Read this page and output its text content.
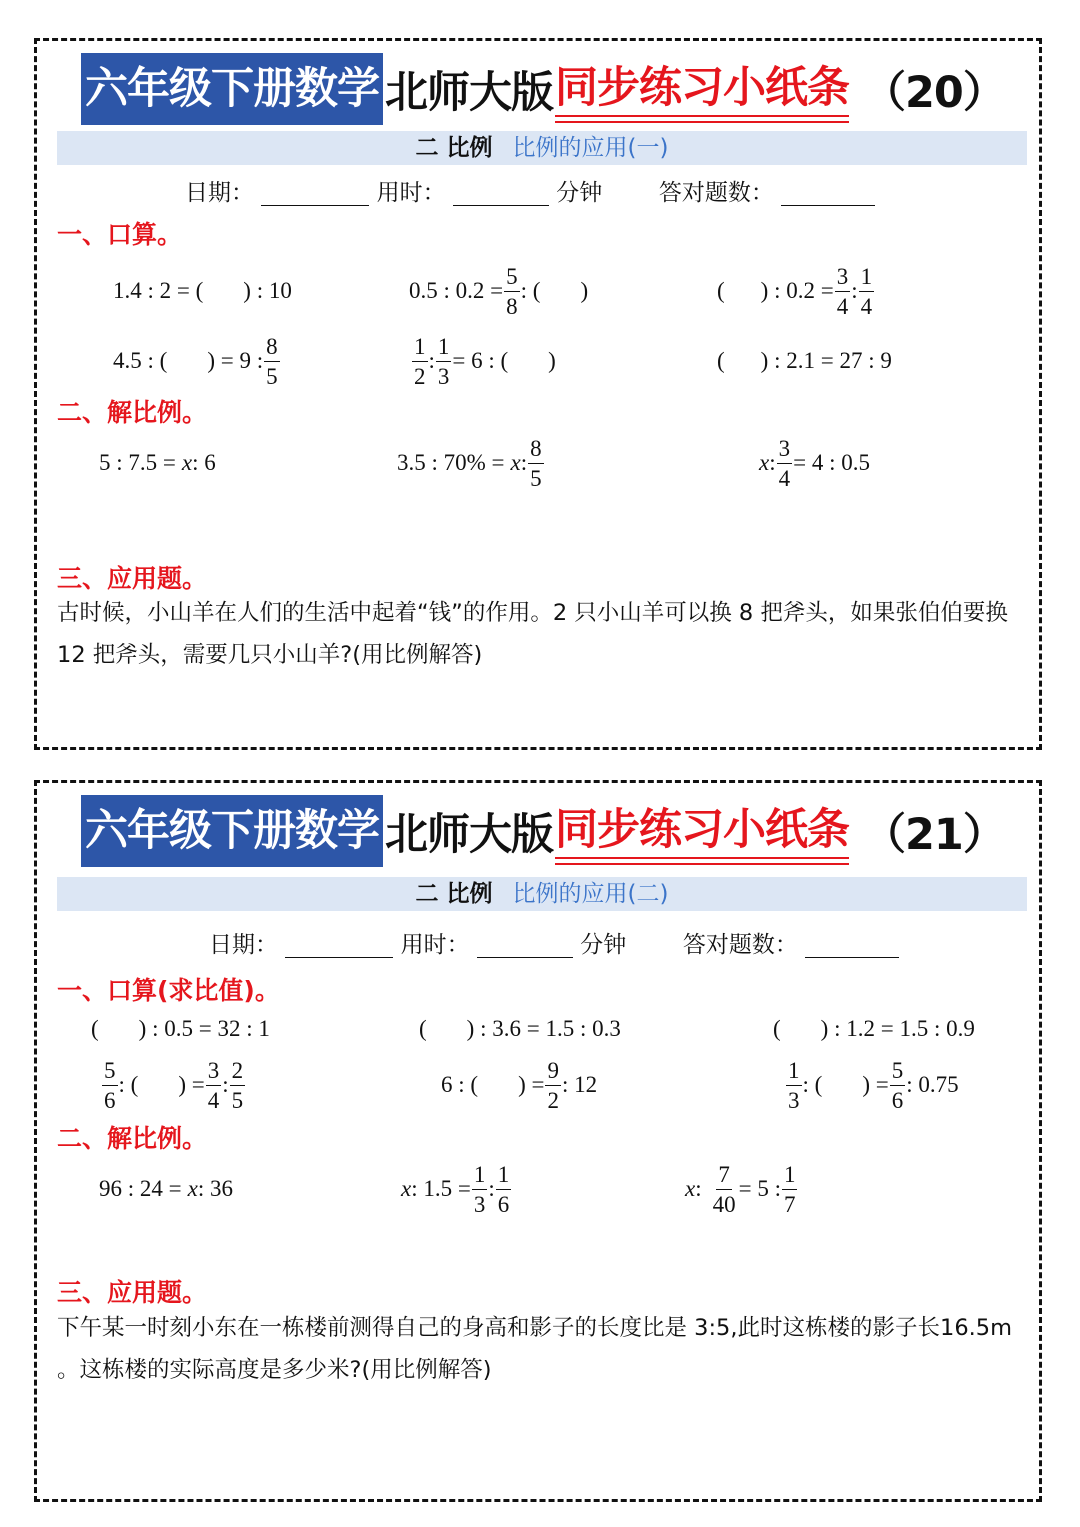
六年级下册数学 北师大版 同步练习小纸条 （20）
二 比例 比例的应用(一)
日期：	用时：	分钟 答对题数：
一、口算。
1.4 : 2 = ( ) : 10	0.5 : $0.2 = \frac{5}{8}$ : ( )	( ) : $0.2 = \frac{3}{4}$ : $\frac{1}{4}$
4.5 : ( ) = 9 : $\frac{8}{5}$	$\frac{1}{2}$ : $\frac{1}{3} = 6$ : ( )	( ) : 2.1 = 27 : 9
二、解比例。
5 : 7.5 = x : 6	3.5 : 70% = x : $\frac{8}{5}$	x : $\frac{3}{4} = 4$ : 0.5
三、应用题。
古时候，小山羊在人们的生活中起着“钱”的作用。2 只小山羊可以换 8 把斧头，如果张伯伯要换 12 把斧头，需要几只小山羊?(用比例解答)
六年级下册数学 北师大版 同步练习小纸条 （21）
二 比例 比例的应用(二)
日期：	用时：	分钟 答对题数：
一、口算(求比值)。
( ) : 0.5 = 32 : 1	( ) : 3.6 = 1.5 : 0.3	( ) : 1.2 = 1.5 : 0.9
$\frac{5}{6}$ : ( ) = $\frac{3}{4}$ : $\frac{2}{5}$	6 : ( ) = $\frac{9}{2}$ : 12	$\frac{1}{3}$ : ( ) = $\frac{5}{6}$ : 0.75
二、解比例。
96 : 24 = x : 36	x : $1.5 = \frac{1}{3}$ : $\frac{1}{6}$	x : $\frac{7}{40} = 5$ : $\frac{1}{7}$
三、应用题。
下午某一时刻小东在一栋楼前测得自己的身高和影子的长度比是 3:5,此时这栋楼的影子长16.5m 。这栋楼的实际高度是多少米?(用比例解答)
